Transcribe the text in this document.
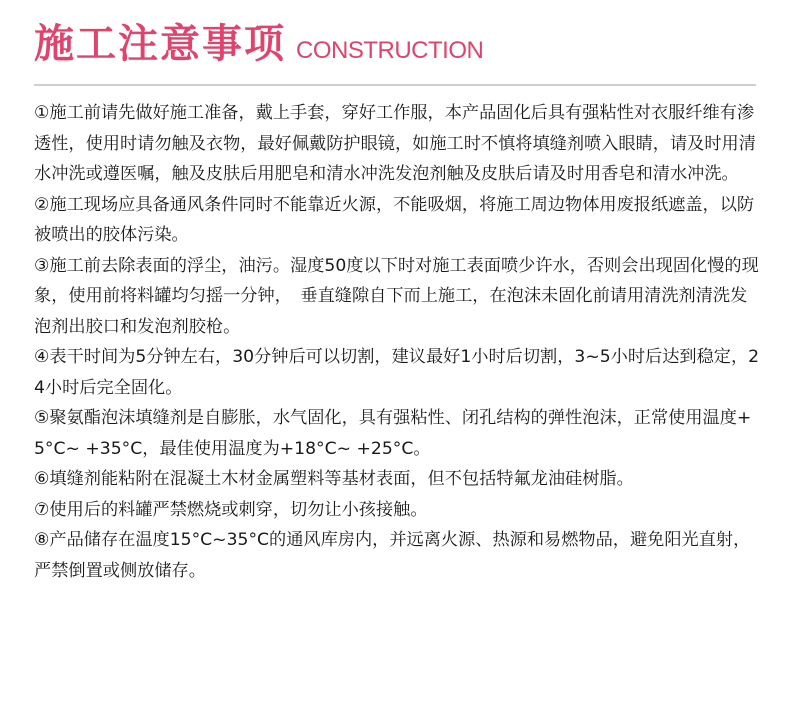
施工注意事项 CONSTRUCTION

①施工前请先做好施工准备，戴上手套，穿好工作服，本产品固化后具有强粘性对衣服纤维有渗透性，使用时请勿触及衣物，最好佩戴防护眼镜，如施工时不慎将填缝剂喷入眼睛，请及时用清水冲洗或遵医嘱，触及皮肤后用肥皂和清水冲洗发泡剂触及皮肤后请及时用香皂和清水冲洗。

②施工现场应具备通风条件同时不能靠近火源，不能吸烟，将施工周边物体用废报纸遮盖，以防被喷出的胶体污染。

③施工前去除表面的浮尘，油污。湿度50度以下时对施工表面喷少许水，否则会出现固化慢的现象，使用前将料罐均匀摇一分钟，　垂直缝隙自下而上施工，在泡沫未固化前请用清洗剂清洗发泡剂出胶口和发泡剂胶枪。

④表干时间为5分钟左右，30分钟后可以切割，建议最好1小时后切割，3~5小时后达到稳定，24小时后完全固化。

⑤聚氨酯泡沫填缝剂是自膨胀，水气固化，具有强粘性、闭孔结构的弹性泡沫，正常使用温度+5°C~ +35°C，最佳使用温度为+18°C~ +25°C。

⑥填缝剂能粘附在混凝土木材金属塑料等基材表面，但不包括特氟龙油硅树脂。

⑦使用后的料罐严禁燃烧或刺穿，切勿让小孩接触。

⑧产品储存在温度15°C~35°C的通风库房内，并远离火源、热源和易燃物品，避免阳光直射，严禁倒置或侧放储存。
